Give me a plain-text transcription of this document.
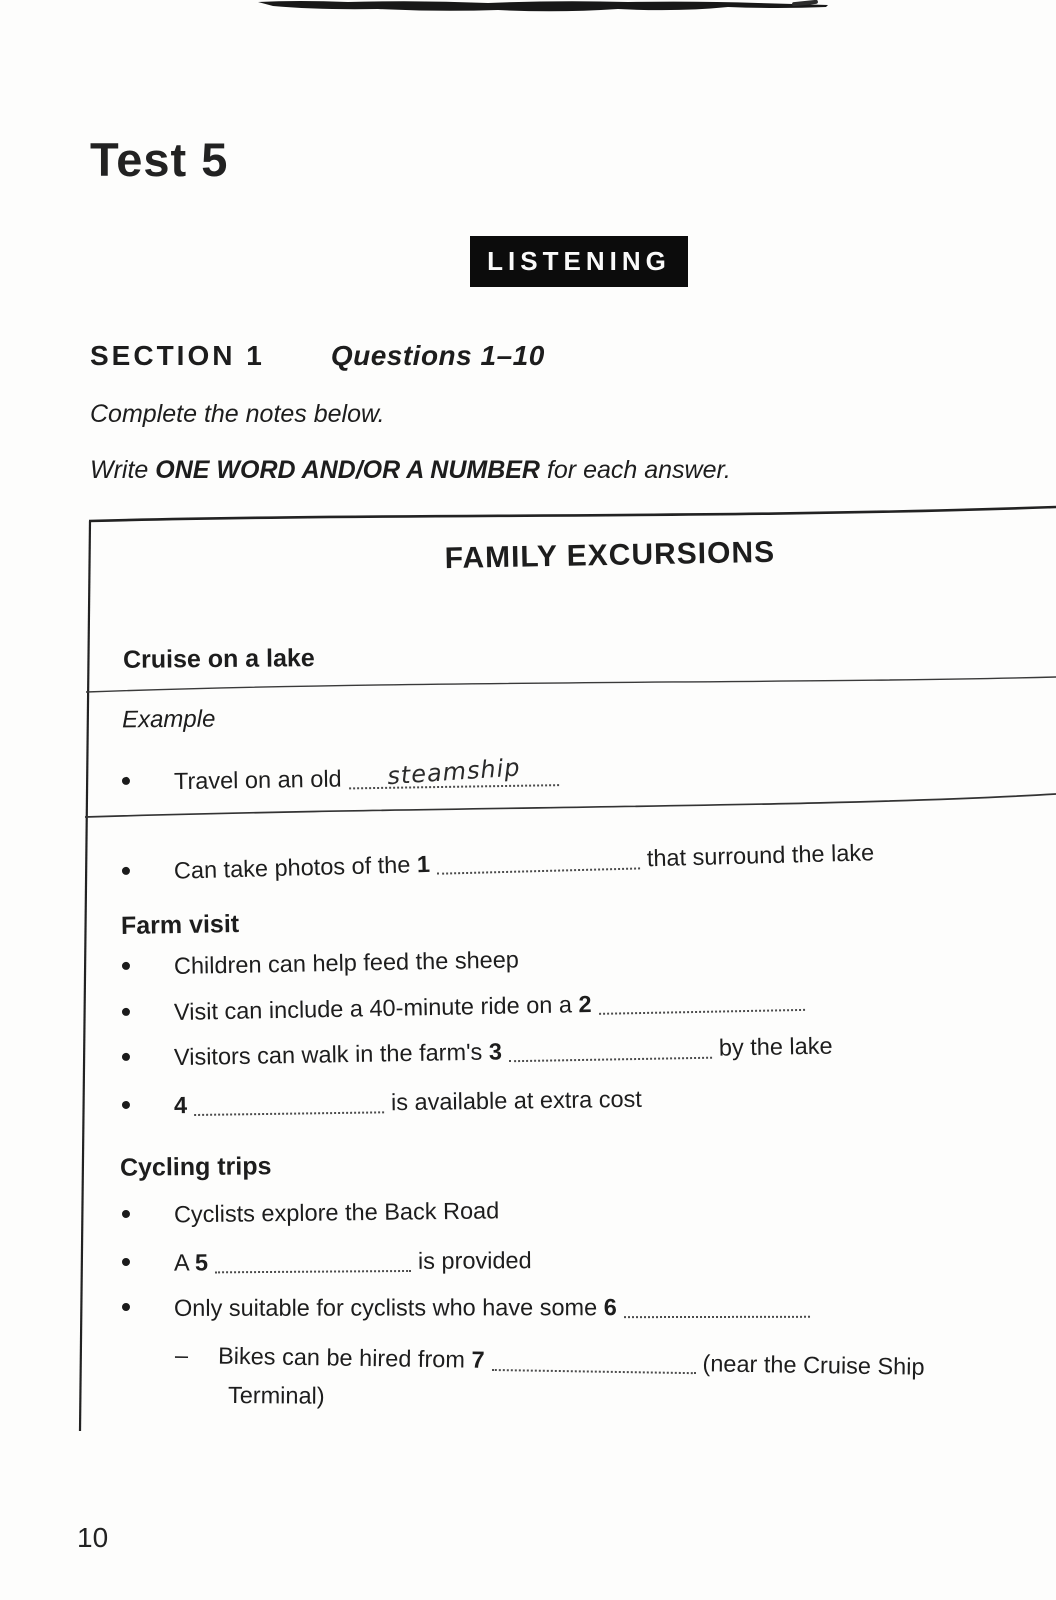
Test 5
LISTENING
SECTION 1 Questions 1–10
Complete the notes below.
Write ONE WORD AND/OR A NUMBER for each answer.
FAMILY EXCURSIONS
Cruise on a lake
Example
Travel on an old steamship
Can take photos of the 1	that surround the lake
Farm visit
Children can help feed the sheep
Visit can include a 40-minute ride on a 2
Visitors can walk in the farm's 3	by the lake
4	is available at extra cost
Cycling trips
Cyclists explore the Back Road
A 5	is provided
Only suitable for cyclists who have some 6
– Bikes can be hired from 7	(near the Cruise Ship
Terminal)
10
